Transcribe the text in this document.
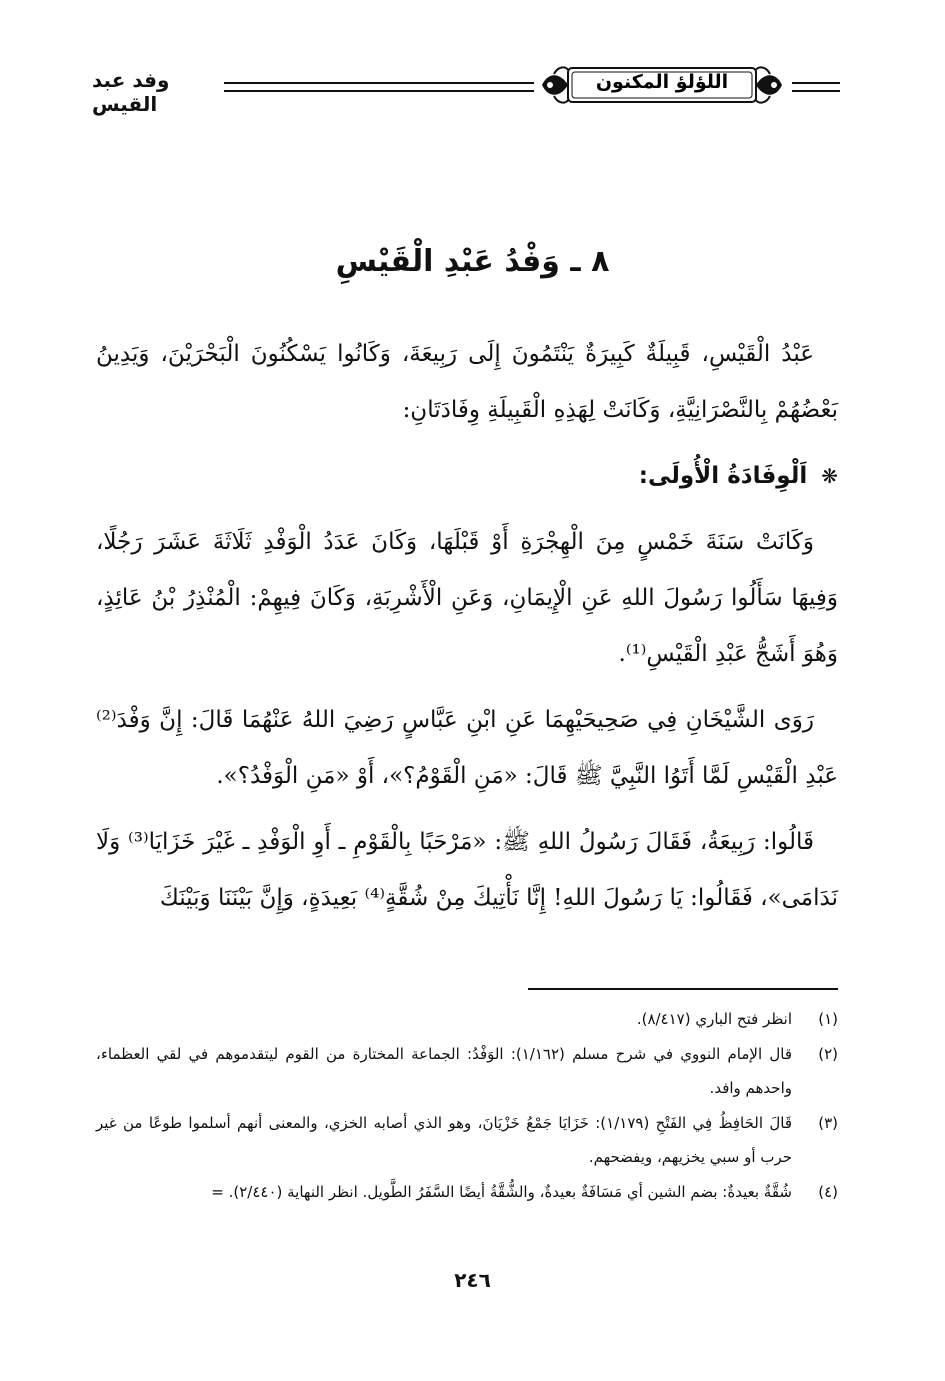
اللؤلؤ المكنون
وفد عبد القيس
٨ ـ وَفْدُ عَبْدِ الْقَيْسِ

عَبْدُ الْقَيْسِ، قَبِيلَةٌ كَبِيرَةٌ يَنْتَمُونَ إِلَى رَبِيعَةَ، وَكَانُوا يَسْكُنُونَ الْبَحْرَيْنَ، وَيَدِينُ بَعْضُهُمْ بِالنَّصْرَانِيَّةِ، وَكَانَتْ لِهَذِهِ الْقَبِيلَةِ وِفَادَتَانِ:

❋ اَلْوِفَادَةُ الْأُولَى:

وَكَانَتْ سَنَةَ خَمْسٍ مِنَ الْهِجْرَةِ أَوْ قَبْلَهَا، وَكَانَ عَدَدُ الْوَفْدِ ثَلَاثَةَ عَشَرَ رَجُلًا، وَفِيهَا سَأَلُوا رَسُولَ اللهِ عَنِ الْإِيمَانِ، وَعَنِ الْأَشْرِبَةِ، وَكَانَ فِيهِمْ: الْمُنْذِرُ بْنُ عَائِذٍ، وَهُوَ أَشَجُّ عَبْدِ الْقَيْسِ⁽¹⁾.

رَوَى الشَّيْخَانِ فِي صَحِيحَيْهِمَا عَنِ ابْنِ عَبَّاسٍ رَضِيَ اللهُ عَنْهُمَا قَالَ: إِنَّ وَفْدَ⁽²⁾ عَبْدِ الْقَيْسِ لَمَّا أَتَوُا النَّبِيَّ ﷺ قَالَ: «مَنِ الْقَوْمُ؟»، أَوْ «مَنِ الْوَفْدُ؟».

قَالُوا: رَبِيعَةُ، فَقَالَ رَسُولُ اللهِ ﷺ: «مَرْحَبًا بِالْقَوْمِ ـ أَوِ الْوَفْدِ ـ غَيْرَ خَزَايَا⁽³⁾ وَلَا نَدَامَى»، فَقَالُوا: يَا رَسُولَ اللهِ! إِنَّا نَأْتِيكَ مِنْ شُقَّةٍ⁽⁴⁾ بَعِيدَةٍ، وَإِنَّ بَيْنَنَا وَبَيْنَكَ

(١)
انظر فتح الباري (٨/٤١٧).
(٢)
قال الإمام النووي في شرح مسلم (١/١٦٢): الوَفْدُ: الجماعة المختارة من القوم ليتقدموهم في لقي العظماء، واحدهم وافد.
(٣)
قَالَ الحَافِظُ فِي الفَتْحِ (١/١٧٩): خَزَايَا جَمْعُ خَزْيَانَ، وهو الذي أصابه الخزي، والمعنى أنهم أسلموا طوعًا من غير حرب أو سبي يخزيهم، ويفضحهم.
(٤)
شُقَّةٌ بعيدةٌ: بضم الشين أي مَسَافَةٌ بعيدةٌ، والشُّقَّةُ أيضًا السَّفَرُ الطَّويل. انظر النهاية (٢/٤٤٠). =
٢٤٦
